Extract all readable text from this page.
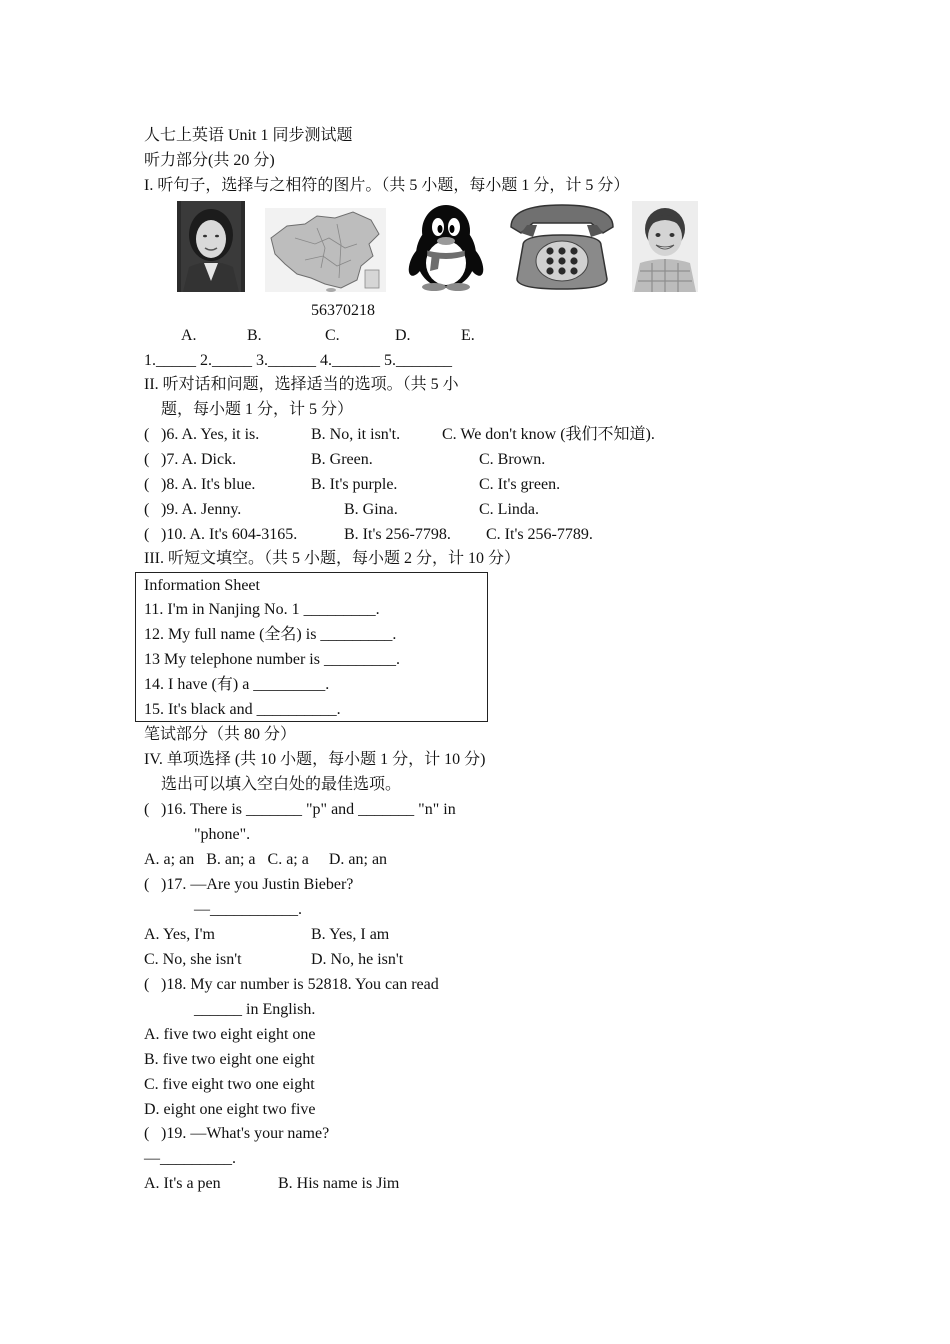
人七上英语 Unit 1 同步测试题
听力部分(共 20 分)
I. 听句子，选择与之相符的图片。（共 5 小题，每小题 1 分，计 5 分）
56370218
A.	B.	C.	D.	E.
1._____ 2._____ 3.______ 4.______ 5._______
II. 听对话和问题，选择适当的选项。（共 5 小
题，每小题 1 分，计 5 分）
( )6. A. Yes, it is.	B. No, it isn't.	C. We don't know (我们不知道).
( )7. A. Dick.	B. Green.	C. Brown.
( )8. A. It's blue.	B. It's purple.	C. It's green.
( )9. A. Jenny.	B. Gina.	C. Linda.
( )10. A. It's 604-3165.	B. It's 256-7798. C. It's 256-7789.
III. 听短文填空。（共 5 小题，每小题 2 分，计 10 分）
Information Sheet
11. I'm in Nanjing No. 1 _________.
12. My full name (全名) is _________.
13 My telephone number is _________.
14. I have (有) a _________.
15. It's black and __________.
笔试部分（共 80 分）
IV. 单项选择 (共 10 小题，每小题 1 分，计 10 分)
选出可以填入空白处的最佳选项。
( )16. There is _______ "p" and _______ "n" in
"phone".
A. a; an   B. an; a   C. a; a     D. an; an
( )17. —Are you Justin Bieber?
—___________.
A. Yes, I'm	B. Yes, I am
C. No, she isn't	D. No, he isn't
( )18. My car number is 52818. You can read
______ in English.
A. five two eight eight one
B. five two eight one eight
C. five eight two one eight
D. eight one eight two five
( )19. —What's your name?
—_________.
A. It's a pen	B. His name is Jim
